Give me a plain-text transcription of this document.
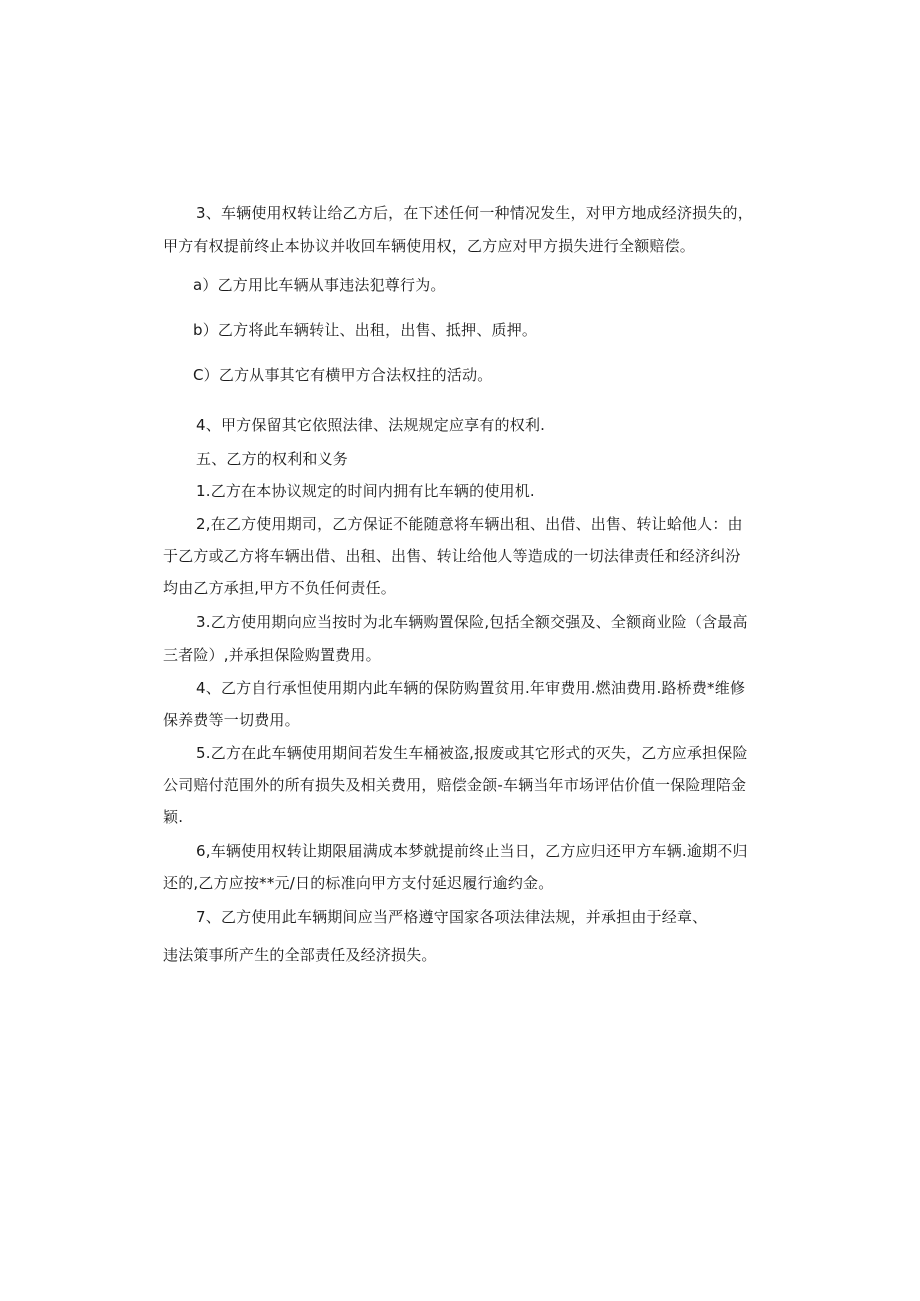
3、车辆使用权转让给乙方后，在下述任何一种情况发生，对甲方地成经济损失的，
甲方有权提前终止本协议并收回车辆使用权，乙方应对甲方损失进行全额赔偿。
a）乙方用比车辆从事违法犯尊行为。
b）乙方将此车辆转让、出租，出售、抵押、质押。
C）乙方从事其它有横甲方合法权拄的活动。
4、甲方保留其它依照法律、法规规定应享有的权利.
五、乙方的权利和义务
1.乙方在本协议规定的时间内拥有比车辆的使用机.
2,在乙方使用期司，乙方保证不能随意将车辆出租、出借、出售、转让蛤他人：由
于乙方或乙方将车辆出借、出租、出售、转让给他人等造成的一切法律责任和经济纠汾
均由乙方承担,甲方不负任何责任。
3.乙方使用期向应当按时为北车辆购置保险,包括全额交强及、全额商业险（含最高
三者险）,并承担保险购置费用。
4、乙方自行承怛使用期内此车辆的保防购置贫用.年审费用.燃油费用.路桥费*维修
保养费等一切费用。
5.乙方在此车辆使用期间若发生车桶被盗,报废或其它形式的灭失，乙方应承担保险
公司赔付范围外的所有损失及相关费用，赔偿金颌-车辆当年市场评估价值一保险理陪金
颖.
6,车辆使用权转让期限届满成本梦就提前终止当日，乙方应归还甲方车辆.逾期不归
还的,乙方应按**元/日的标准向甲方支付延迟履行逾约金。
7、乙方使用此车辆期间应当严格遵守国家各项法律法规，并承担由于经章、
违法策事所产生的全部责任及经济损失。
